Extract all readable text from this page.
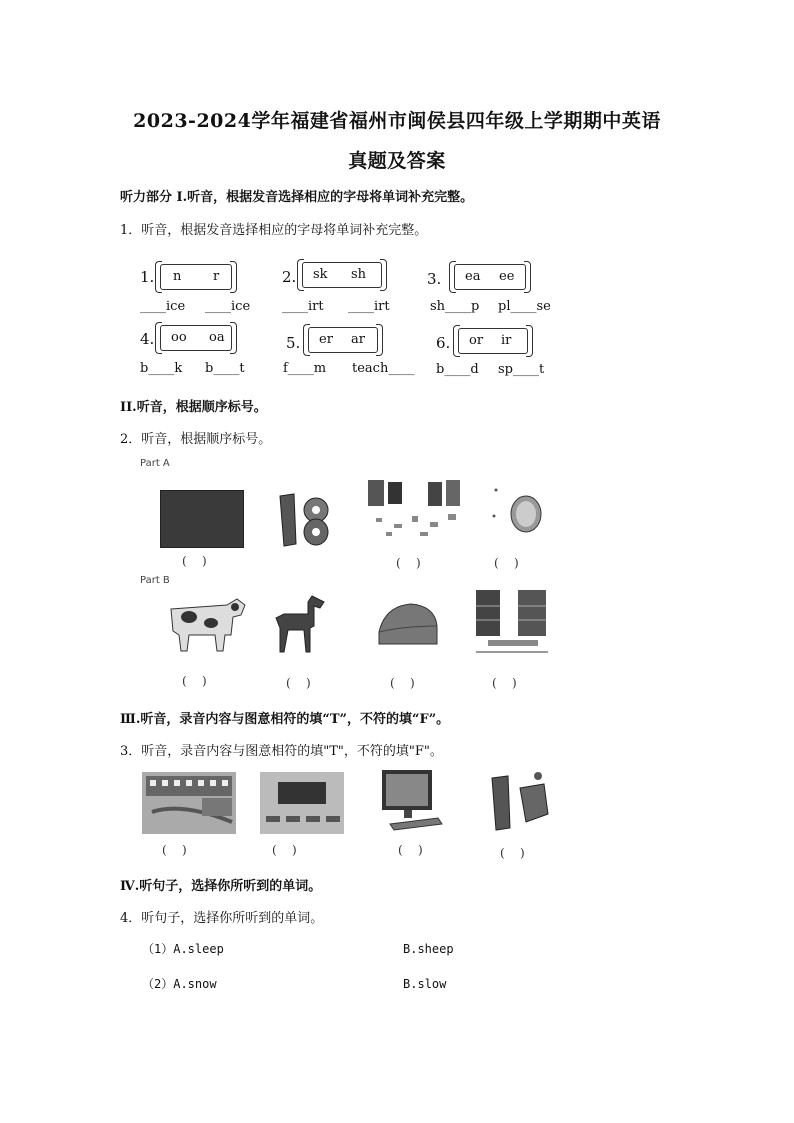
2023-2024学年福建省福州市闽侯县四年级上学期期中英语
真题及答案
听力部分 I.听音，根据发音选择相应的字母将单词补充完整。
1．听音，根据发音选择相应的字母将单词补充完整。
1. n r
____ice ____ice
2. sk sh
____irt ____irt
3. ea ee
sh____p pl____se
4. oo oa
b____k b____t
5. er ar
f____m teach____
6. or ir
b____d sp____t
II.听音，根据顺序标号。
2．听音，根据顺序标号。
Part A
(    )	(    )	(    )
Part B
(    )	(    )	(    )	(    )
Ⅲ.听音，录音内容与图意相符的填“T”，不符的填“F”。
3．听音，录音内容与图意相符的填"T"，不符的填"F"。
(    )	(    )	(    )	(    )
Ⅳ.听句子，选择你所听到的单词。
4．听句子，选择你所听到的单词。
（1）A.sleep	B.sheep
（2）A.snow	B.slow
